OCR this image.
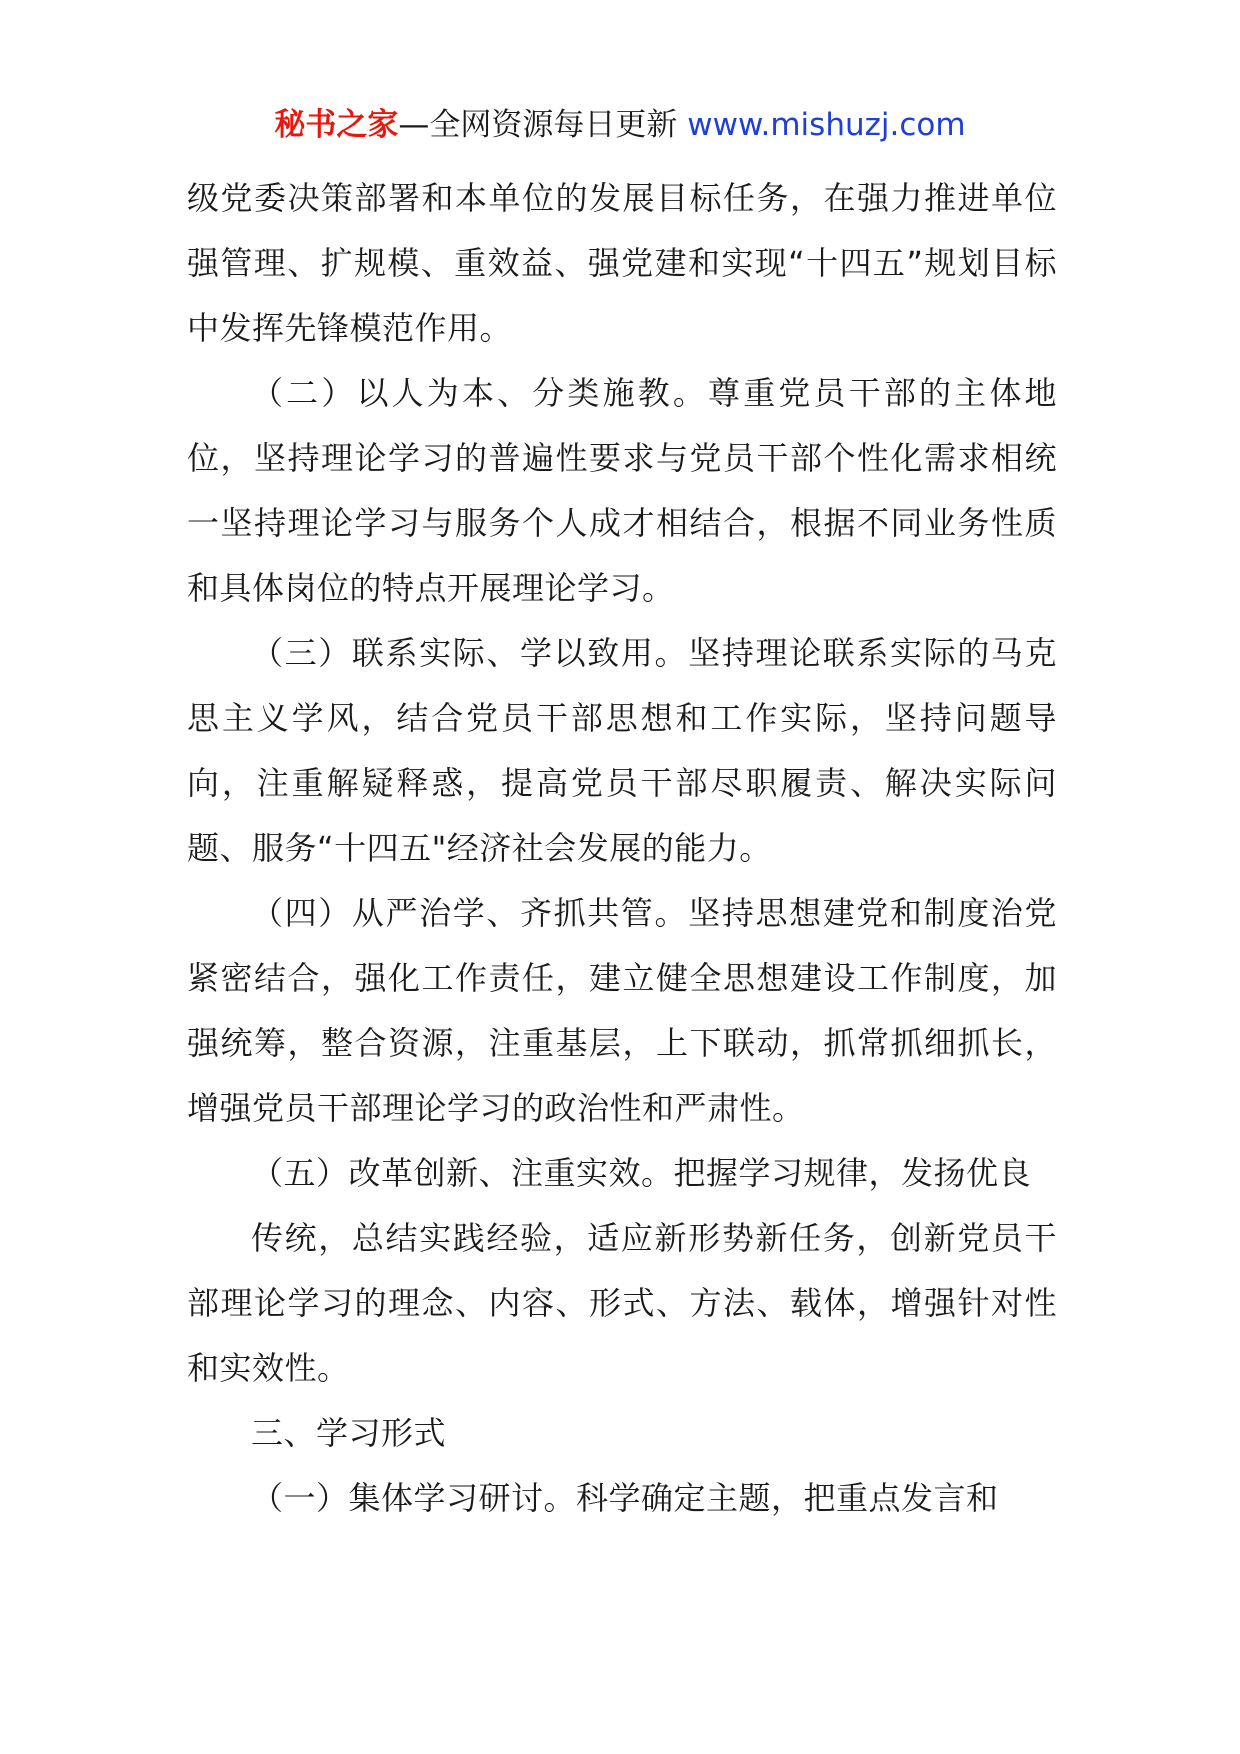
秘书之家—全网资源每日更新 www.mishuzj.com

级党委决策部署和本单位的发展目标任务，在强力推进单位强管理、扩规模、重效益、强党建和实现“十四五”规划目标中发挥先锋模范作用。

（二）以人为本、分类施教。尊重党员干部的主体地位，坚持理论学习的普遍性要求与党员干部个性化需求相统一坚持理论学习与服务个人成才相结合，根据不同业务性质和具体岗位的特点开展理论学习。

（三）联系实际、学以致用。坚持理论联系实际的马克思主义学风，结合党员干部思想和工作实际，坚持问题导向，注重解疑释惑，提高党员干部尽职履责、解决实际问题、服务“十四五"经济社会发展的能力。

（四）从严治学、齐抓共管。坚持思想建党和制度治党紧密结合，强化工作责任，建立健全思想建设工作制度，加强统筹，整合资源，注重基层，上下联动，抓常抓细抓长，增强党员干部理论学习的政治性和严肃性。

（五）改革创新、注重实效。把握学习规律，发扬优良

传统，总结实践经验，适应新形势新任务，创新党员干部理论学习的理念、内容、形式、方法、载体，增强针对性和实效性。

三、学习形式

（一）集体学习研讨。科学确定主题，把重点发言和
